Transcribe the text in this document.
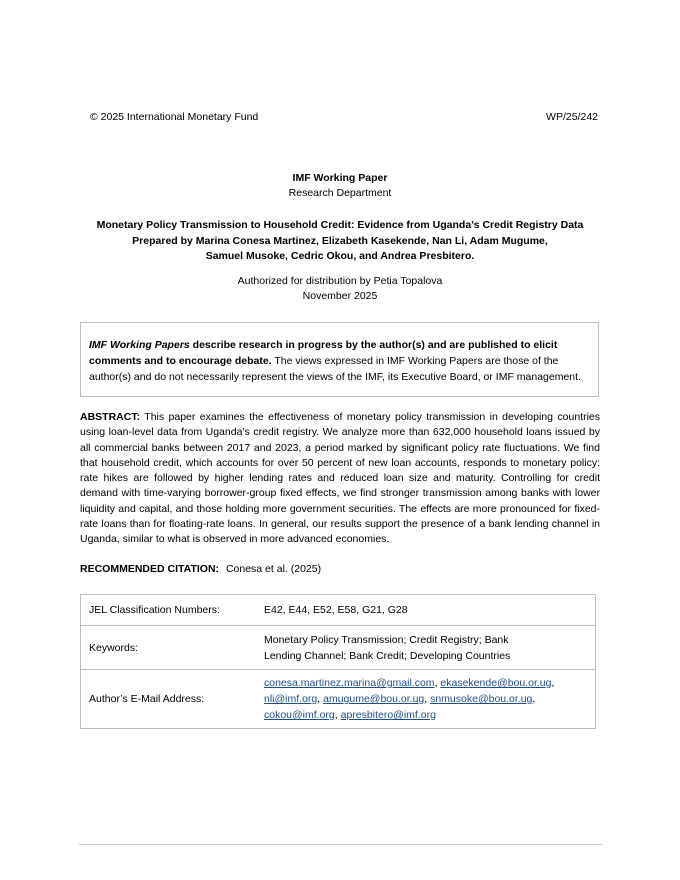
© 2025 International Monetary Fund	WP/25/242
IMF Working Paper
Research Department
Monetary Policy Transmission to Household Credit: Evidence from Uganda’s Credit Registry Data
Prepared by Marina Conesa Martinez, Elizabeth Kasekende, Nan Li, Adam Mugume,
Samuel Musoke, Cedric Okou, and Andrea Presbitero.
Authorized for distribution by Petia Topalova
November 2025
IMF Working Papers describe research in progress by the author(s) and are published to elicit comments and to encourage debate. The views expressed in IMF Working Papers are those of the author(s) and do not necessarily represent the views of the IMF, its Executive Board, or IMF management.
ABSTRACT: This paper examines the effectiveness of monetary policy transmission in developing countries using loan-level data from Uganda’s credit registry. We analyze more than 632,000 household loans issued by all commercial banks between 2017 and 2023, a period marked by significant policy rate fluctuations. We find that household credit, which accounts for over 50 percent of new loan accounts, responds to monetary policy: rate hikes are followed by higher lending rates and reduced loan size and maturity. Controlling for credit demand with time-varying borrower-group fixed effects, we find stronger transmission among banks with lower liquidity and capital, and those holding more government securities. The effects are more pronounced for fixed-rate loans than for floating-rate loans. In general, our results support the presence of a bank lending channel in Uganda, similar to what is observed in more advanced economies.
RECOMMENDED CITATION: Conesa et al. (2025)
JEL Classification Numbers:	E42, E44, E52, E58, G21, G28
Keywords:	Monetary Policy Transmission; Credit Registry; Bank
Lending Channel; Bank Credit; Developing Countries

Author’s E-Mail Address:	conesa.martinez.marina@gmail.com, ekasekende@bou.or.ug,
nli@imf.org, amugume@bou.or.ug, snmusoke@bou.or.ug,
cokou@imf.org, apresbitero@imf.org
